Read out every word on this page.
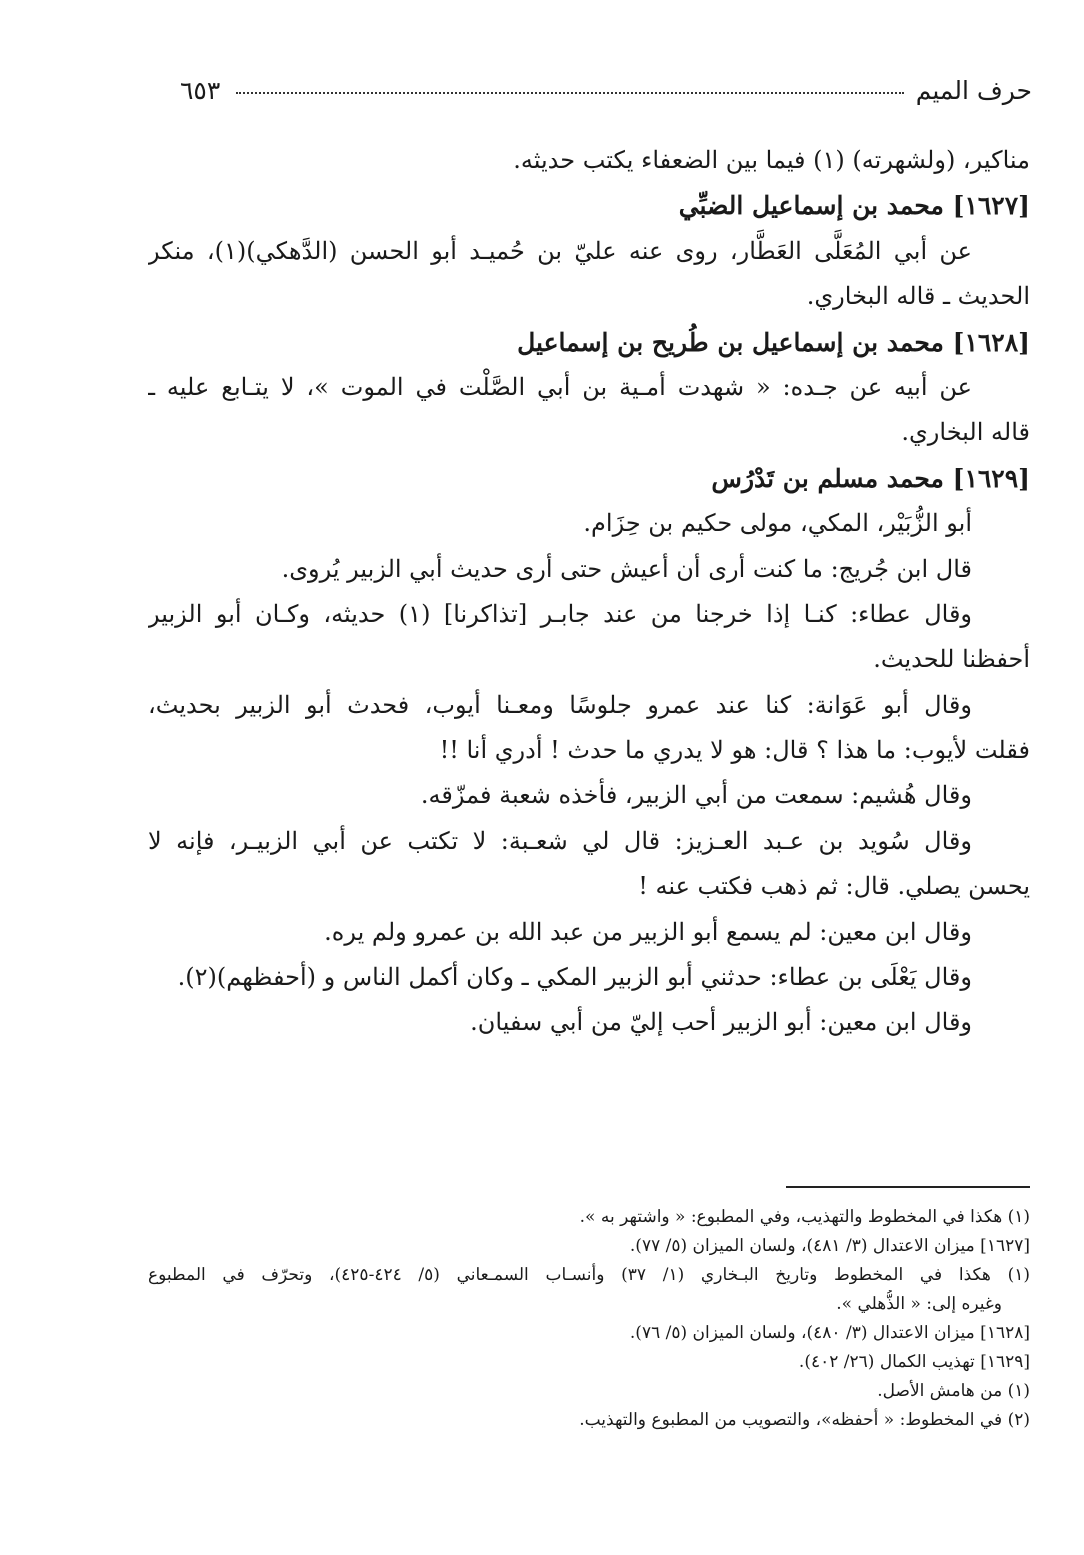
حرف الميم
٦٥٣
مناكير، (ولشهرته) (١) فيما بين الضعفاء يكتب حديثه.
[١٦٢٧] محمد بن إسماعيل الضبِّي
عن أبي المُعَلَّى العَطَّار، روى عنه عليّ بن حُميـد أبو الحسن (الدَّهكي)(١)، منكر
الحديث ـ قاله البخاري.
[١٦٢٨] محمد بن إسماعيل بن طُريح بن إسماعيل
عن أبيه عن جـده: « شهدت أمـية بن أبي الصَّلْت في الموت »، لا يتـابع عليه ـ
قاله البخاري.
[١٦٢٩] محمد مسلم بن تَدْرُس
أبو الزُّبَيْر، المكي، مولى حكيم بن حِزَام.
قال ابن جُريج: ما كنت أرى أن أعيش حتى أرى حديث أبي الزبير يُروى.
وقال عطاء: كنـا إذا خرجنا من عند جابـر [تذاكرنا] (١) حديثه، وكـان أبو الزبير
أحفظنا للحديث.
وقال أبو عَوَانة: كنا عند عمرو جلوسًا ومعـنا أيوب، فحدث أبو الزبير بحديث،
فقلت لأيوب: ما هذا ؟ قال: هو لا يدري ما حدث ! أدري أنا !!
وقال هُشيم: سمعت من أبي الزبير، فأخذه شعبة فمزّقه.
وقال سُويد بن عـبد العـزيز: قال لي شعـبة: لا تكتب عن أبي الزبيـر، فإنه لا
يحسن يصلي. قال: ثم ذهب فكتب عنه !
وقال ابن معين: لم يسمع أبو الزبير من عبد الله بن عمرو ولم يره.
وقال يَعْلَى بن عطاء: حدثني أبو الزبير المكي ـ وكان أكمل الناس و (أحفظهم)(٢).
وقال ابن معين: أبو الزبير أحب إليّ من أبي سفيان.
(١) هكذا في المخطوط والتهذيب، وفي المطبوع: « واشتهر به ».
[١٦٢٧] ميزان الاعتدال (٣/ ٤٨١)، ولسان الميزان (٥/ ٧٧).
(١) هكذا في المخطوط وتاريخ البـخاري (١/ ٣٧) وأنسـاب السمـعاني (٥/ ٤٢٤-٤٢٥)، وتحرّف في المطبوع
وغيره إلى: « الذُّهلي ».
[١٦٢٨] ميزان الاعتدال (٣/ ٤٨٠)، ولسان الميزان (٥/ ٧٦).
[١٦٢٩] تهذيب الكمال (٢٦/ ٤٠٢).
(١) من هامش الأصل.
(٢) في المخطوط: « أحفظه»، والتصويب من المطبوع والتهذيب.
